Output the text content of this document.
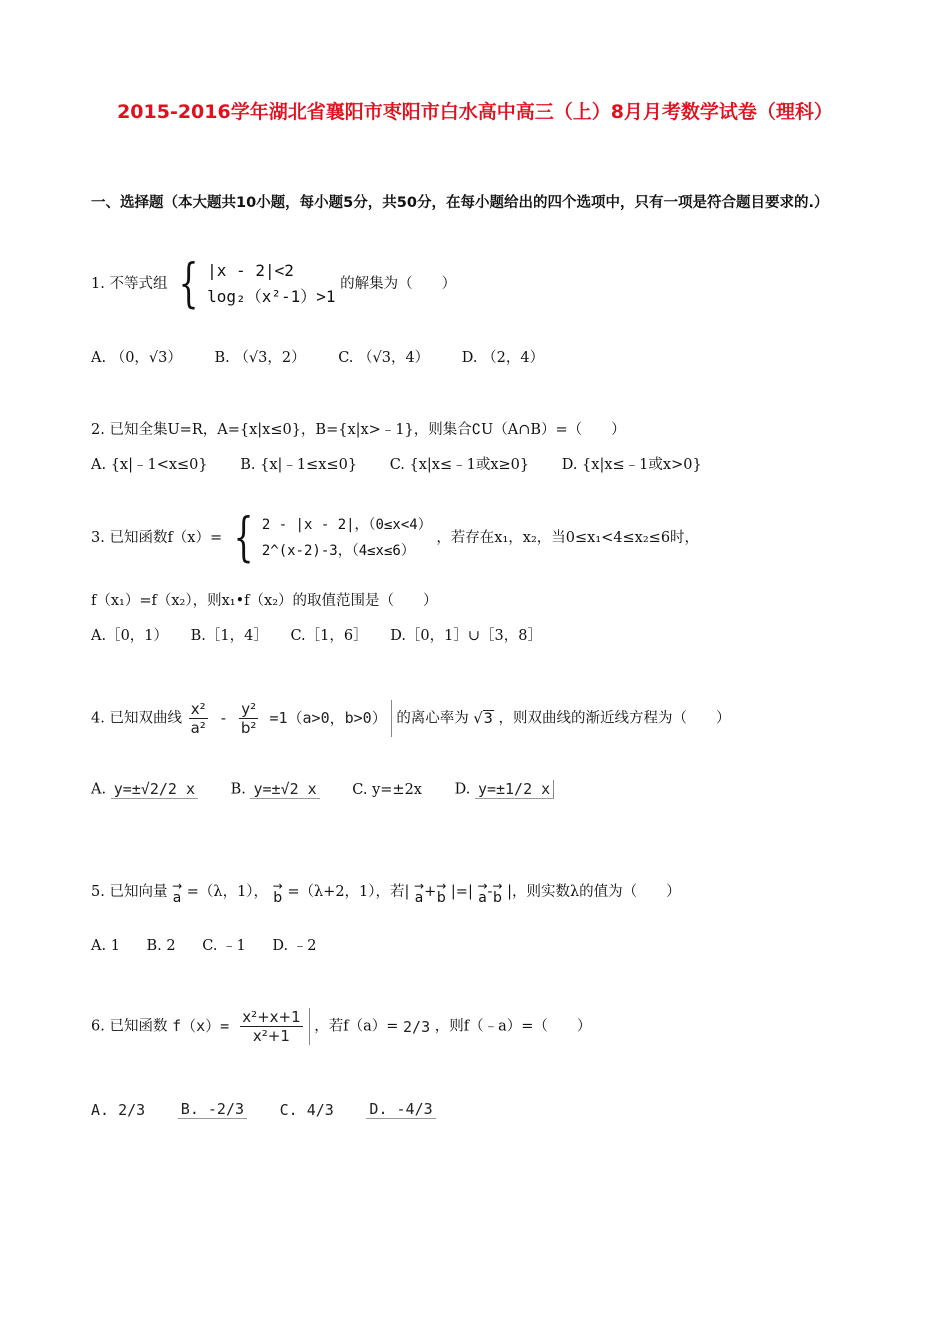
2015-2016学年湖北省襄阳市枣阳市白水高中高三（上）8月月考数学试卷（理科）
一、选择题（本大题共10小题，每小题5分，共50分，在每小题给出的四个选项中，只有一项是符合题目要求的.）
1. 不等式组 { |x - 2|<2
log₂（x²-1）>1
的解集为（　　）
A. （0，√3） B. （√3，2） C. （√3，4） D. （2，4）
2. 已知全集U=R，A={x|x≤0}，B={x|x>﹣1}，则集合∁U（A∩B）=（　　）
A. {x|﹣1<x≤0} B. {x|﹣1≤x≤0} C. {x|x≤﹣1或x≥0} D. {x|x≤﹣1或x>0}
3. 已知函数f（x）= { 2 - |x - 2|，（0≤x<4）
2^(x-2)-3，（4≤x≤6）
，若存在x₁，x₂，当0≤x₁<4≤x₂≤6时，
f（x₁）=f（x₂），则x₁•f（x₂）的取值范围是（　　）
A.［0，1） B.［1，4］ C.［1，6］ D.［0，1］∪［3，8］
4. 已知双曲线 $\frac{\text{x²}}{\text{a²}} - \frac{\text{y²}}{\text{b²}} =1(a>0$，b>0） 的离心率为 √3 ，则双曲线的渐近线方程为（　　）
A. y=±√2/2 x B. y=±√2 x C. y=±2x D. y=±1/2 x
5. 已知向量 →
a =（λ，1）， →
b =（λ+2，1），若| →
a + →
b |=| →
a - →
b |，则实数λ的值为（　　）
A. 1 B. 2 C. ﹣1 D. ﹣2
6. 已知函数 $f(x)= \frac{\text{x²+x+1}}{\text{x²+1}}$ ，若f（a）= 2/3 ，则f（﹣a）=（　　）
A. 2/3 B. -2/3 C. 4/3 D. -4/3
